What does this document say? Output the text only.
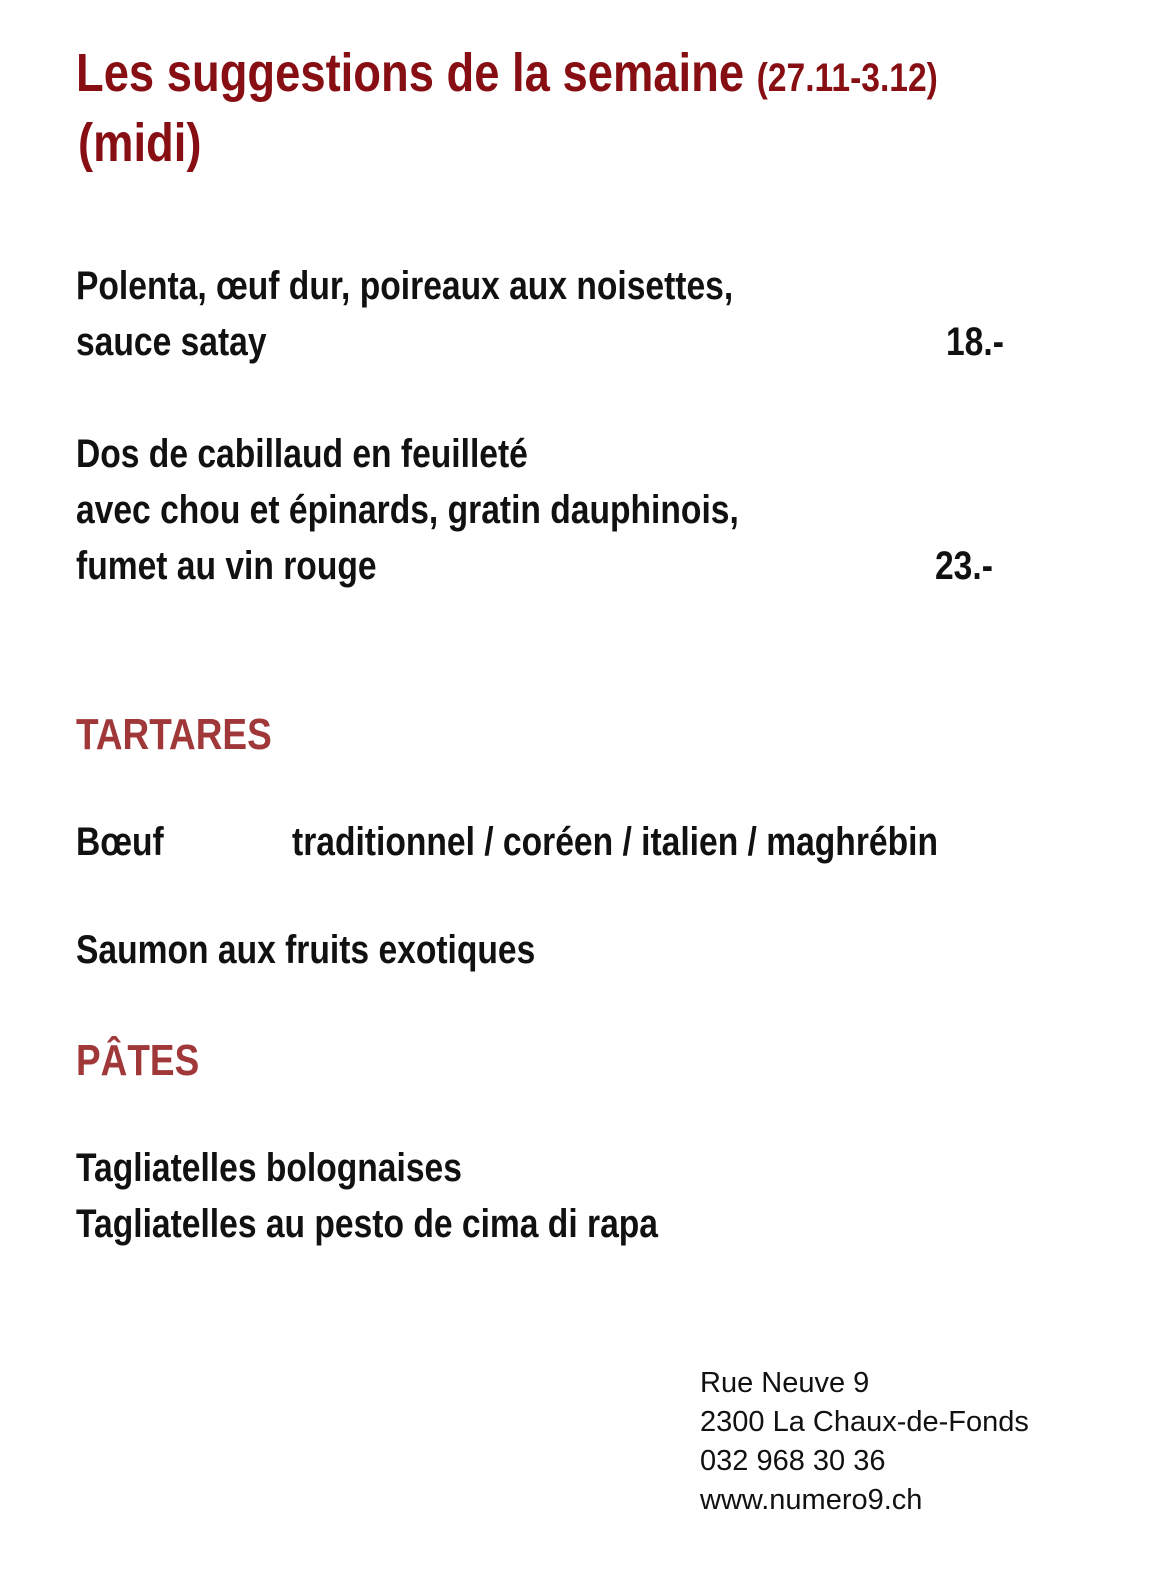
Les suggestions de la semaine (27.11-3.12)
(midi)
Polenta, œuf dur, poireaux aux noisettes,
sauce satay	18.-
Dos de cabillaud en feuilleté
avec chou et épinards, gratin dauphinois,
fumet au vin rouge	23.-
TARTARES
Bœuf	traditionnel / coréen / italien / maghrébin
Saumon aux fruits exotiques
PÂTES
Tagliatelles bolognaises
Tagliatelles au pesto de cima di rapa
Rue Neuve 9
2300 La Chaux-de-Fonds
032 968 30 36
www.numero9.ch
